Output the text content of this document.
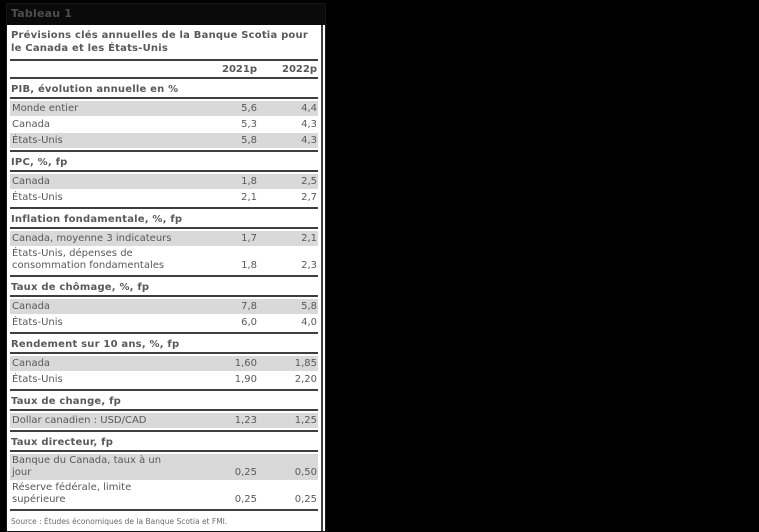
Tableau 1
Prévisions clés annuelles de la Banque Scotia pour le Canada et les États-Unis
2021p	2022p
PIB, évolution annuelle en %
Monde entier	5,6	4,4
Canada	5,3	4,3
États-Unis	5,8	4,3
IPC, %, fp
Canada	1,8	2,5
États-Unis	2,1	2,7
Inflation fondamentale, %, fp
Canada, moyenne 3 indicateurs	1,7	2,1
États-Unis, dépenses de consommation fondamentales	1,8	2,3
Taux de chômage, %, fp
Canada	7,8	5,8
États-Unis	6,0	4,0
Rendement sur 10 ans, %, fp
Canada	1,60	1,85
États-Unis	1,90	2,20
Taux de change, fp
Dollar canadien : USD/CAD	1,23	1,25
Taux directeur, fp
Banque du Canada, taux à un jour	0,25	0,50
Réserve fédérale, limite supérieure	0,25	0,25
Source : Études économiques de la Banque Scotia et FMI.
